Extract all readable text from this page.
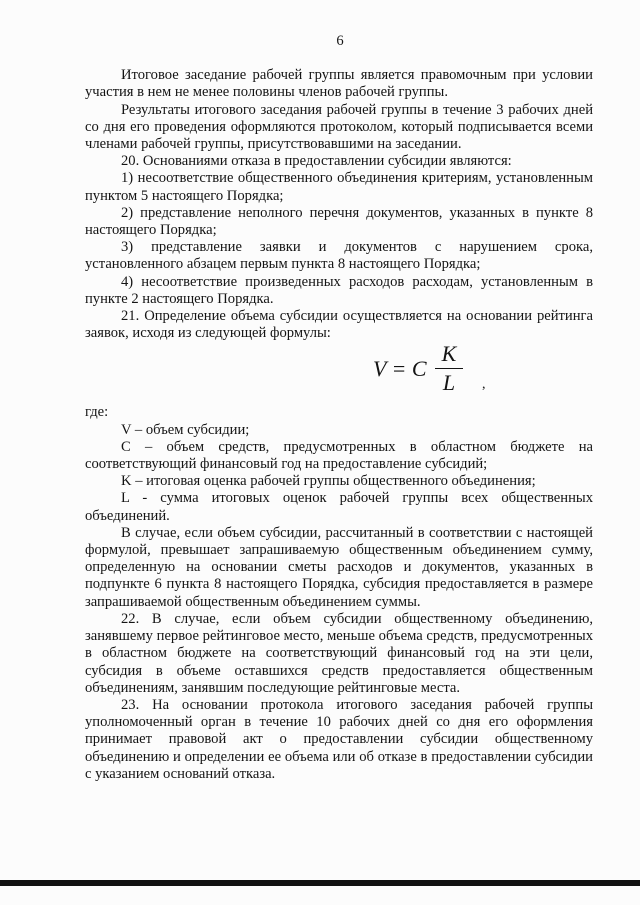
6

Итоговое заседание рабочей группы является правомочным при условии участия в нем не менее половины членов рабочей группы.

Результаты итогового заседания рабочей группы в течение 3 рабочих дней со дня его проведения оформляются протоколом, который подписывается всеми членами рабочей группы, присутствовавшими на заседании.

20. Основаниями отказа в предоставлении субсидии являются:

1) несоответствие общественного объединения критериям, установленным пунктом 5 настоящего Порядка;

2) представление неполного перечня документов, указанных в пункте 8 настоящего Порядка;

3) представление заявки и документов с нарушением срока, установленного абзацем первым пункта 8 настоящего Порядка;

4) несоответствие произведенных расходов расходам, установленным в пункте 2 настоящего Порядка.

21. Определение объема субсидии осуществляется на основании рейтинга заявок, исходя из следующей формулы:

V = C
K
L	,

где:

V – объем субсидии;

C – объем средств, предусмотренных в областном бюджете на соответствующий финансовый год на предоставление субсидий;

K – итоговая оценка рабочей группы общественного объединения;

L - сумма итоговых оценок рабочей группы всех общественных объединений.

В случае, если объем субсидии, рассчитанный в соответствии с настоящей формулой, превышает запрашиваемую общественным объединением сумму, определенную на основании сметы расходов и документов, указанных в подпункте 6 пункта 8 настоящего Порядка, субсидия предоставляется в размере запрашиваемой общественным объединением суммы.

22. В случае, если объем субсидии общественному объединению, занявшему первое рейтинговое место, меньше объема средств, предусмотренных в областном бюджете на соответствующий финансовый год на эти цели, субсидия в объеме оставшихся средств предоставляется общественным объединениям, занявшим последующие рейтинговые места.

23. На основании протокола итогового заседания рабочей группы уполномоченный орган в течение 10 рабочих дней со дня его оформления принимает правовой акт о предоставлении субсидии общественному объединению и определении ее объема или об отказе в предоставлении субсидии с указанием оснований отказа.
